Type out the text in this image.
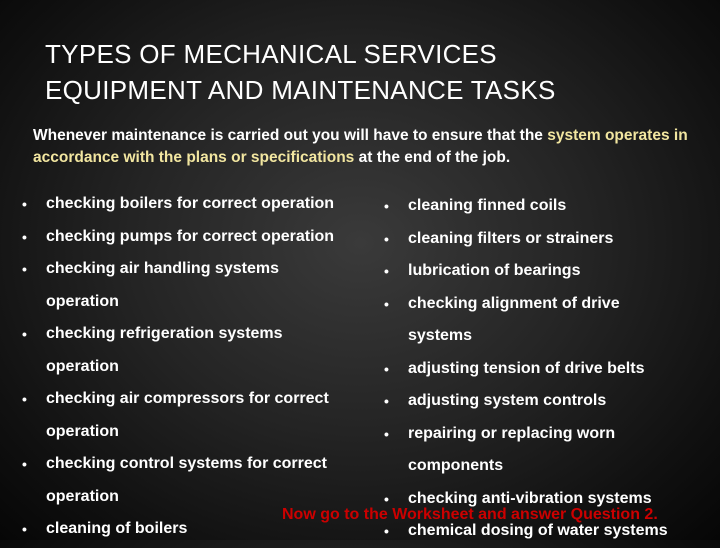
TYPES OF MECHANICAL SERVICES
EQUIPMENT AND MAINTENANCE TASKS

Whenever maintenance is carried out you will have to ensure that the system operates in accordance with the plans or specifications at the end of the job.

•	checking boilers for correct operation
•	checking pumps for correct operation
•	checking air handling systems
operation
•	checking refrigeration systems
operation
•	checking air compressors for correct
operation
•	checking control systems for correct
operation
•	cleaning of boilers
•	cleaning finned coils
•	cleaning filters or strainers
•	lubrication of bearings
•	checking alignment of drive
systems
•	adjusting tension of drive belts
•	adjusting system controls
•	repairing or replacing worn
components
•	checking anti-vibration systems
•	chemical dosing of water systems
Now go to the Worksheet and answer Question 2.
